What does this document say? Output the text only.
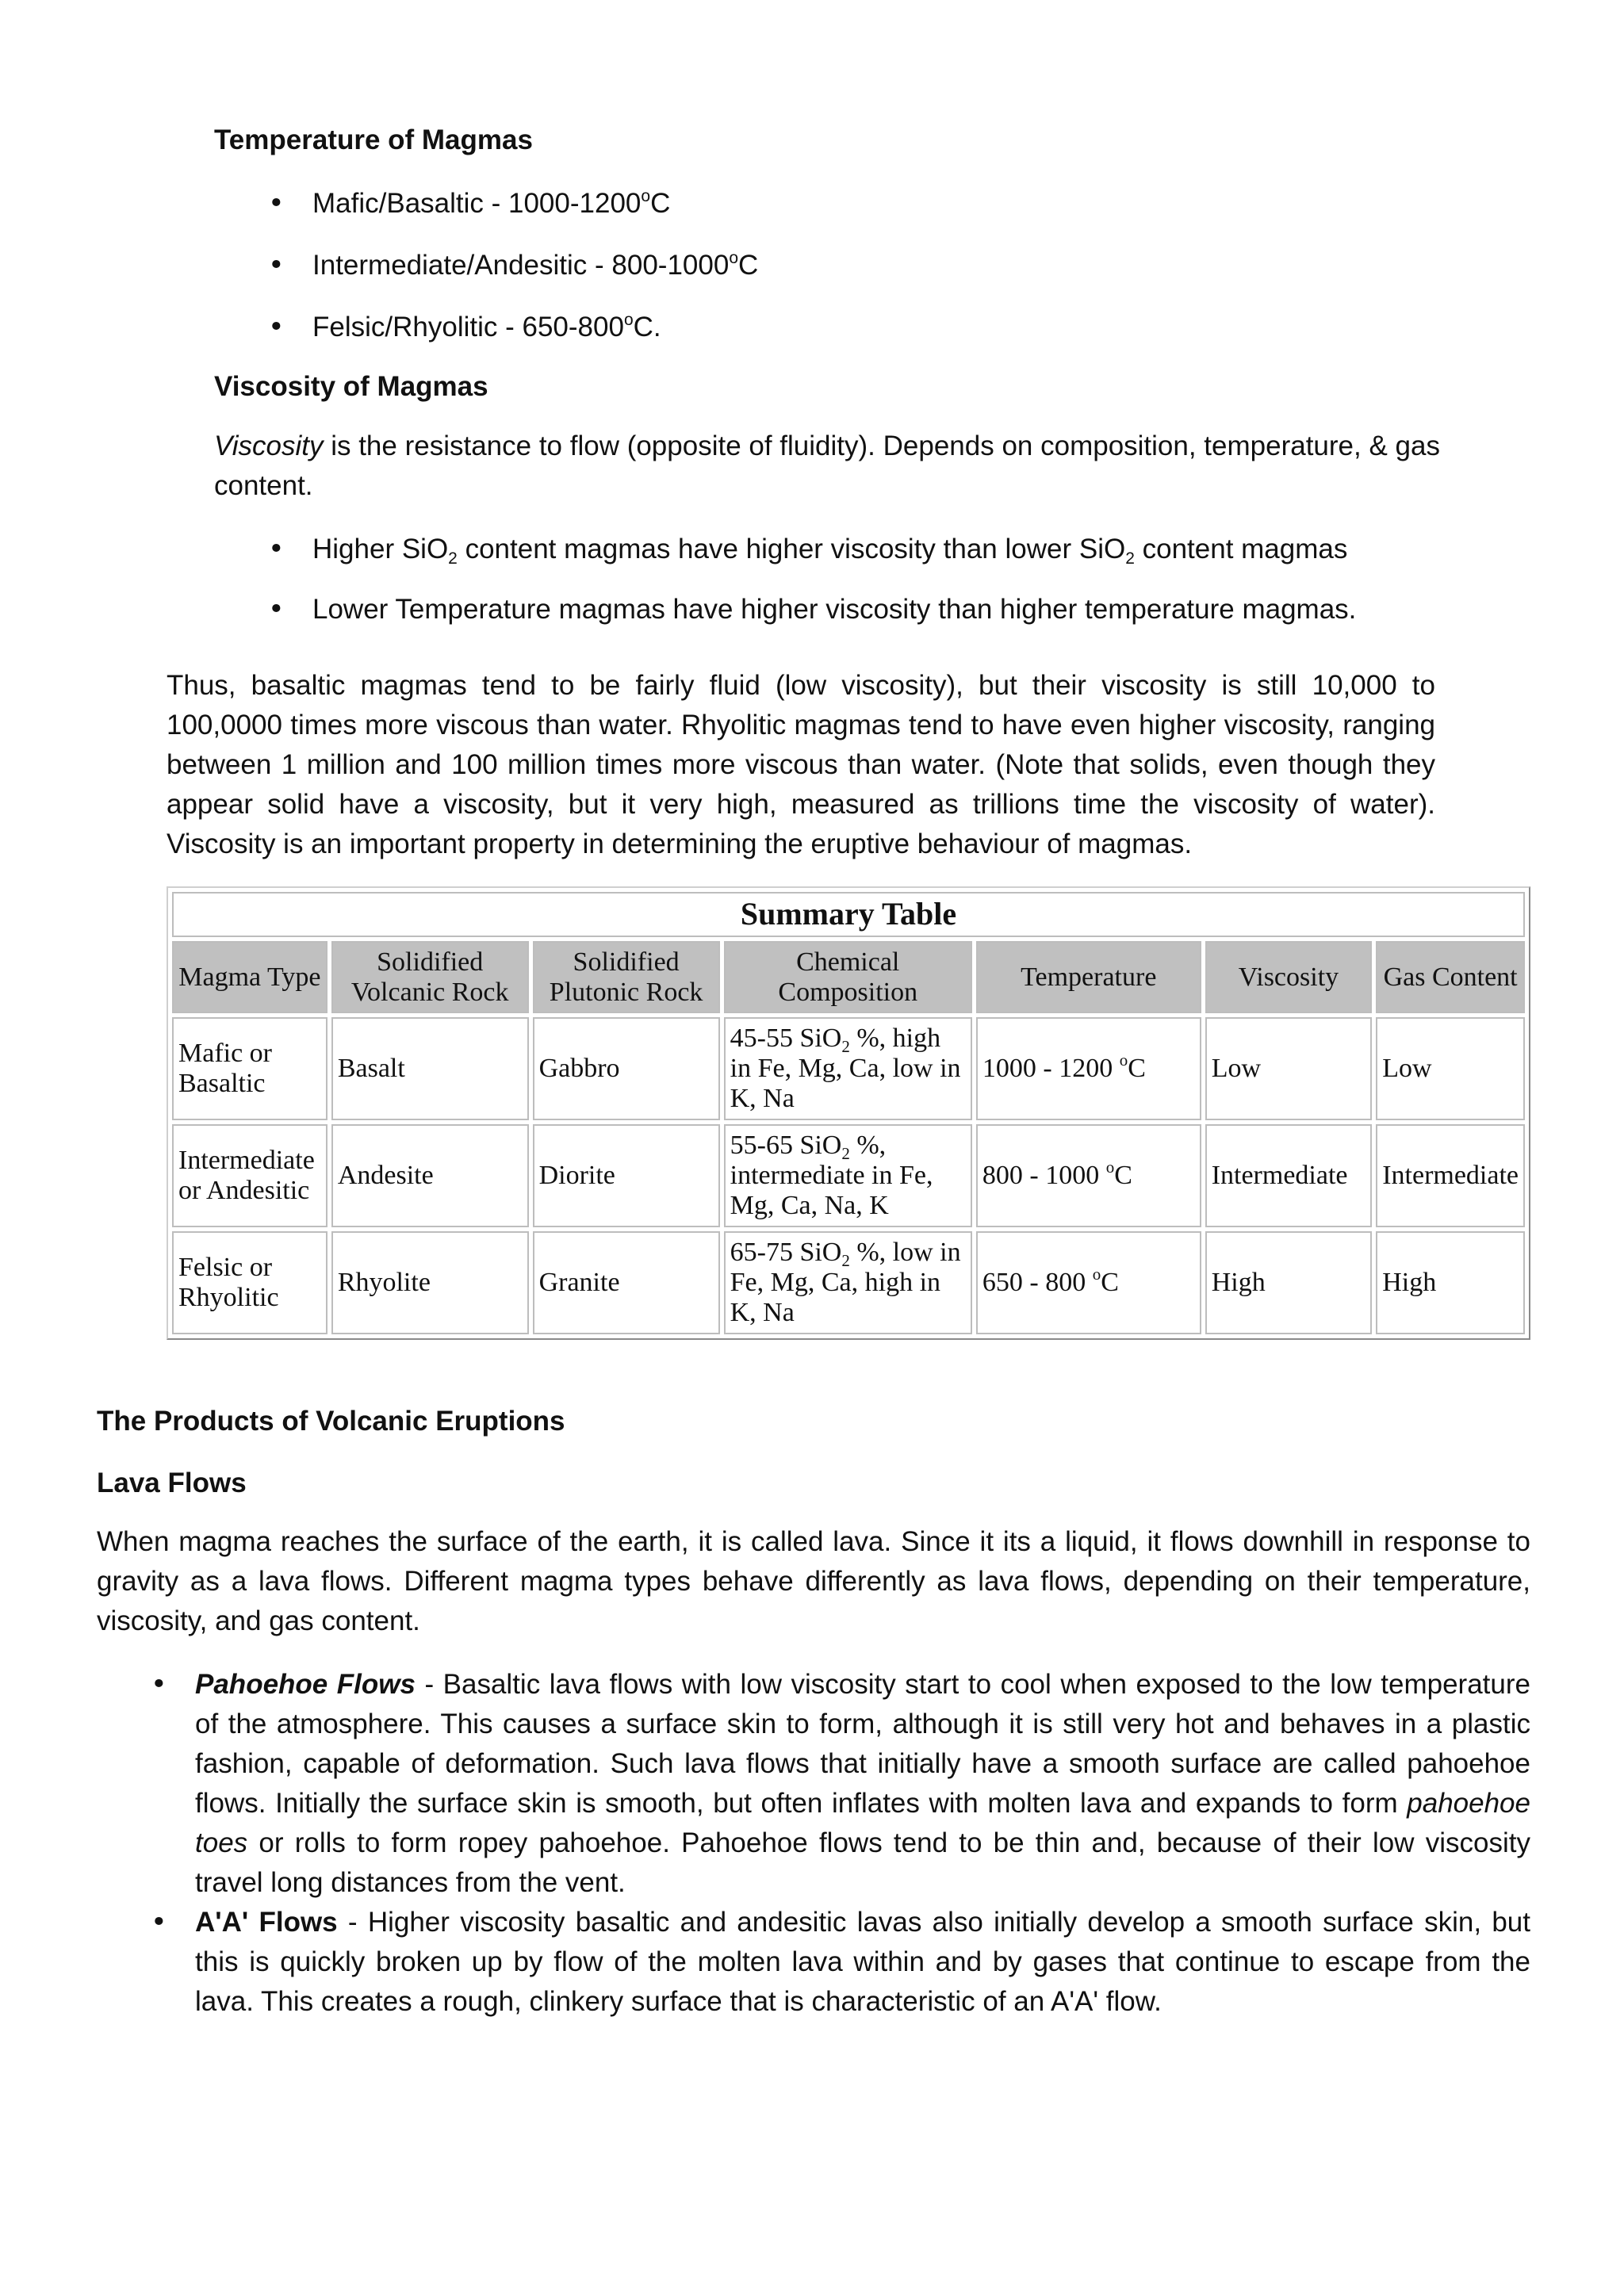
Temperature of Magmas
• Mafic/Basaltic - 1000-1200$^o$C
• Intermediate/Andesitic - 800-1000$^o$C
• Felsic/Rhyolitic - 650-800$^o$C.
Viscosity of Magmas

Viscosity is the resistance to flow (opposite of fluidity). Depends on composition, temperature, & gas content.

• Higher SiO$_2$ content magmas have higher viscosity than lower SiO$_2$ content magmas
• Lower Temperature magmas have higher viscosity than higher temperature magmas.

Thus, basaltic magmas tend to be fairly fluid (low viscosity), but their viscosity is still 10,000 to 100,0000 times more viscous than water. Rhyolitic magmas tend to have even higher viscosity, ranging between 1 million and 100 million times more viscous than water. (Note that solids, even though they appear solid have a viscosity, but it very high, measured as trillions time the viscosity of water). Viscosity is an important property in determining the eruptive behaviour of magmas.

Summary Table						
Magma Type	Solidified Volcanic Rock	Solidified Plutonic Rock	Chemical Composition	Temperature	Viscosity	Gas Content
Mafic or Basaltic	Basalt	Gabbro	45-55 SiO$_2$ %, high in Fe, Mg, Ca, low in K, Na	1000 - 1200 $^o$C	Low	Low
Intermediate or Andesitic	Andesite	Diorite	55-65 SiO$_2$ %, intermediate in Fe, Mg, Ca, Na, K	800 - 1000 $^o$C	Intermediate	Intermediate
Felsic or Rhyolitic	Rhyolite	Granite	65-75 SiO$_2$ %, low in Fe, Mg, Ca, high in K, Na	650 - 800 $^o$C	High	High
The Products of Volcanic Eruptions
Lava Flows

When magma reaches the surface of the earth, it is called lava. Since it its a liquid, it flows downhill in response to gravity as a lava flows. Different magma types behave differently as lava flows, depending on their temperature, viscosity, and gas content.

• Pahoehoe Flows - Basaltic lava flows with low viscosity start to cool when exposed to the low temperature of the atmosphere. This causes a surface skin to form, although it is still very hot and behaves in a plastic fashion, capable of deformation. Such lava flows that initially have a smooth surface are called pahoehoe flows. Initially the surface skin is smooth, but often inflates with molten lava and expands to form pahoehoe toes or rolls to form ropey pahoehoe. Pahoehoe flows tend to be thin and, because of their low viscosity travel long distances from the vent.
• A'A' Flows - Higher viscosity basaltic and andesitic lavas also initially develop a smooth surface skin, but this is quickly broken up by flow of the molten lava within and by gases that continue to escape from the lava. This creates a rough, clinkery surface that is characteristic of an A'A' flow.
